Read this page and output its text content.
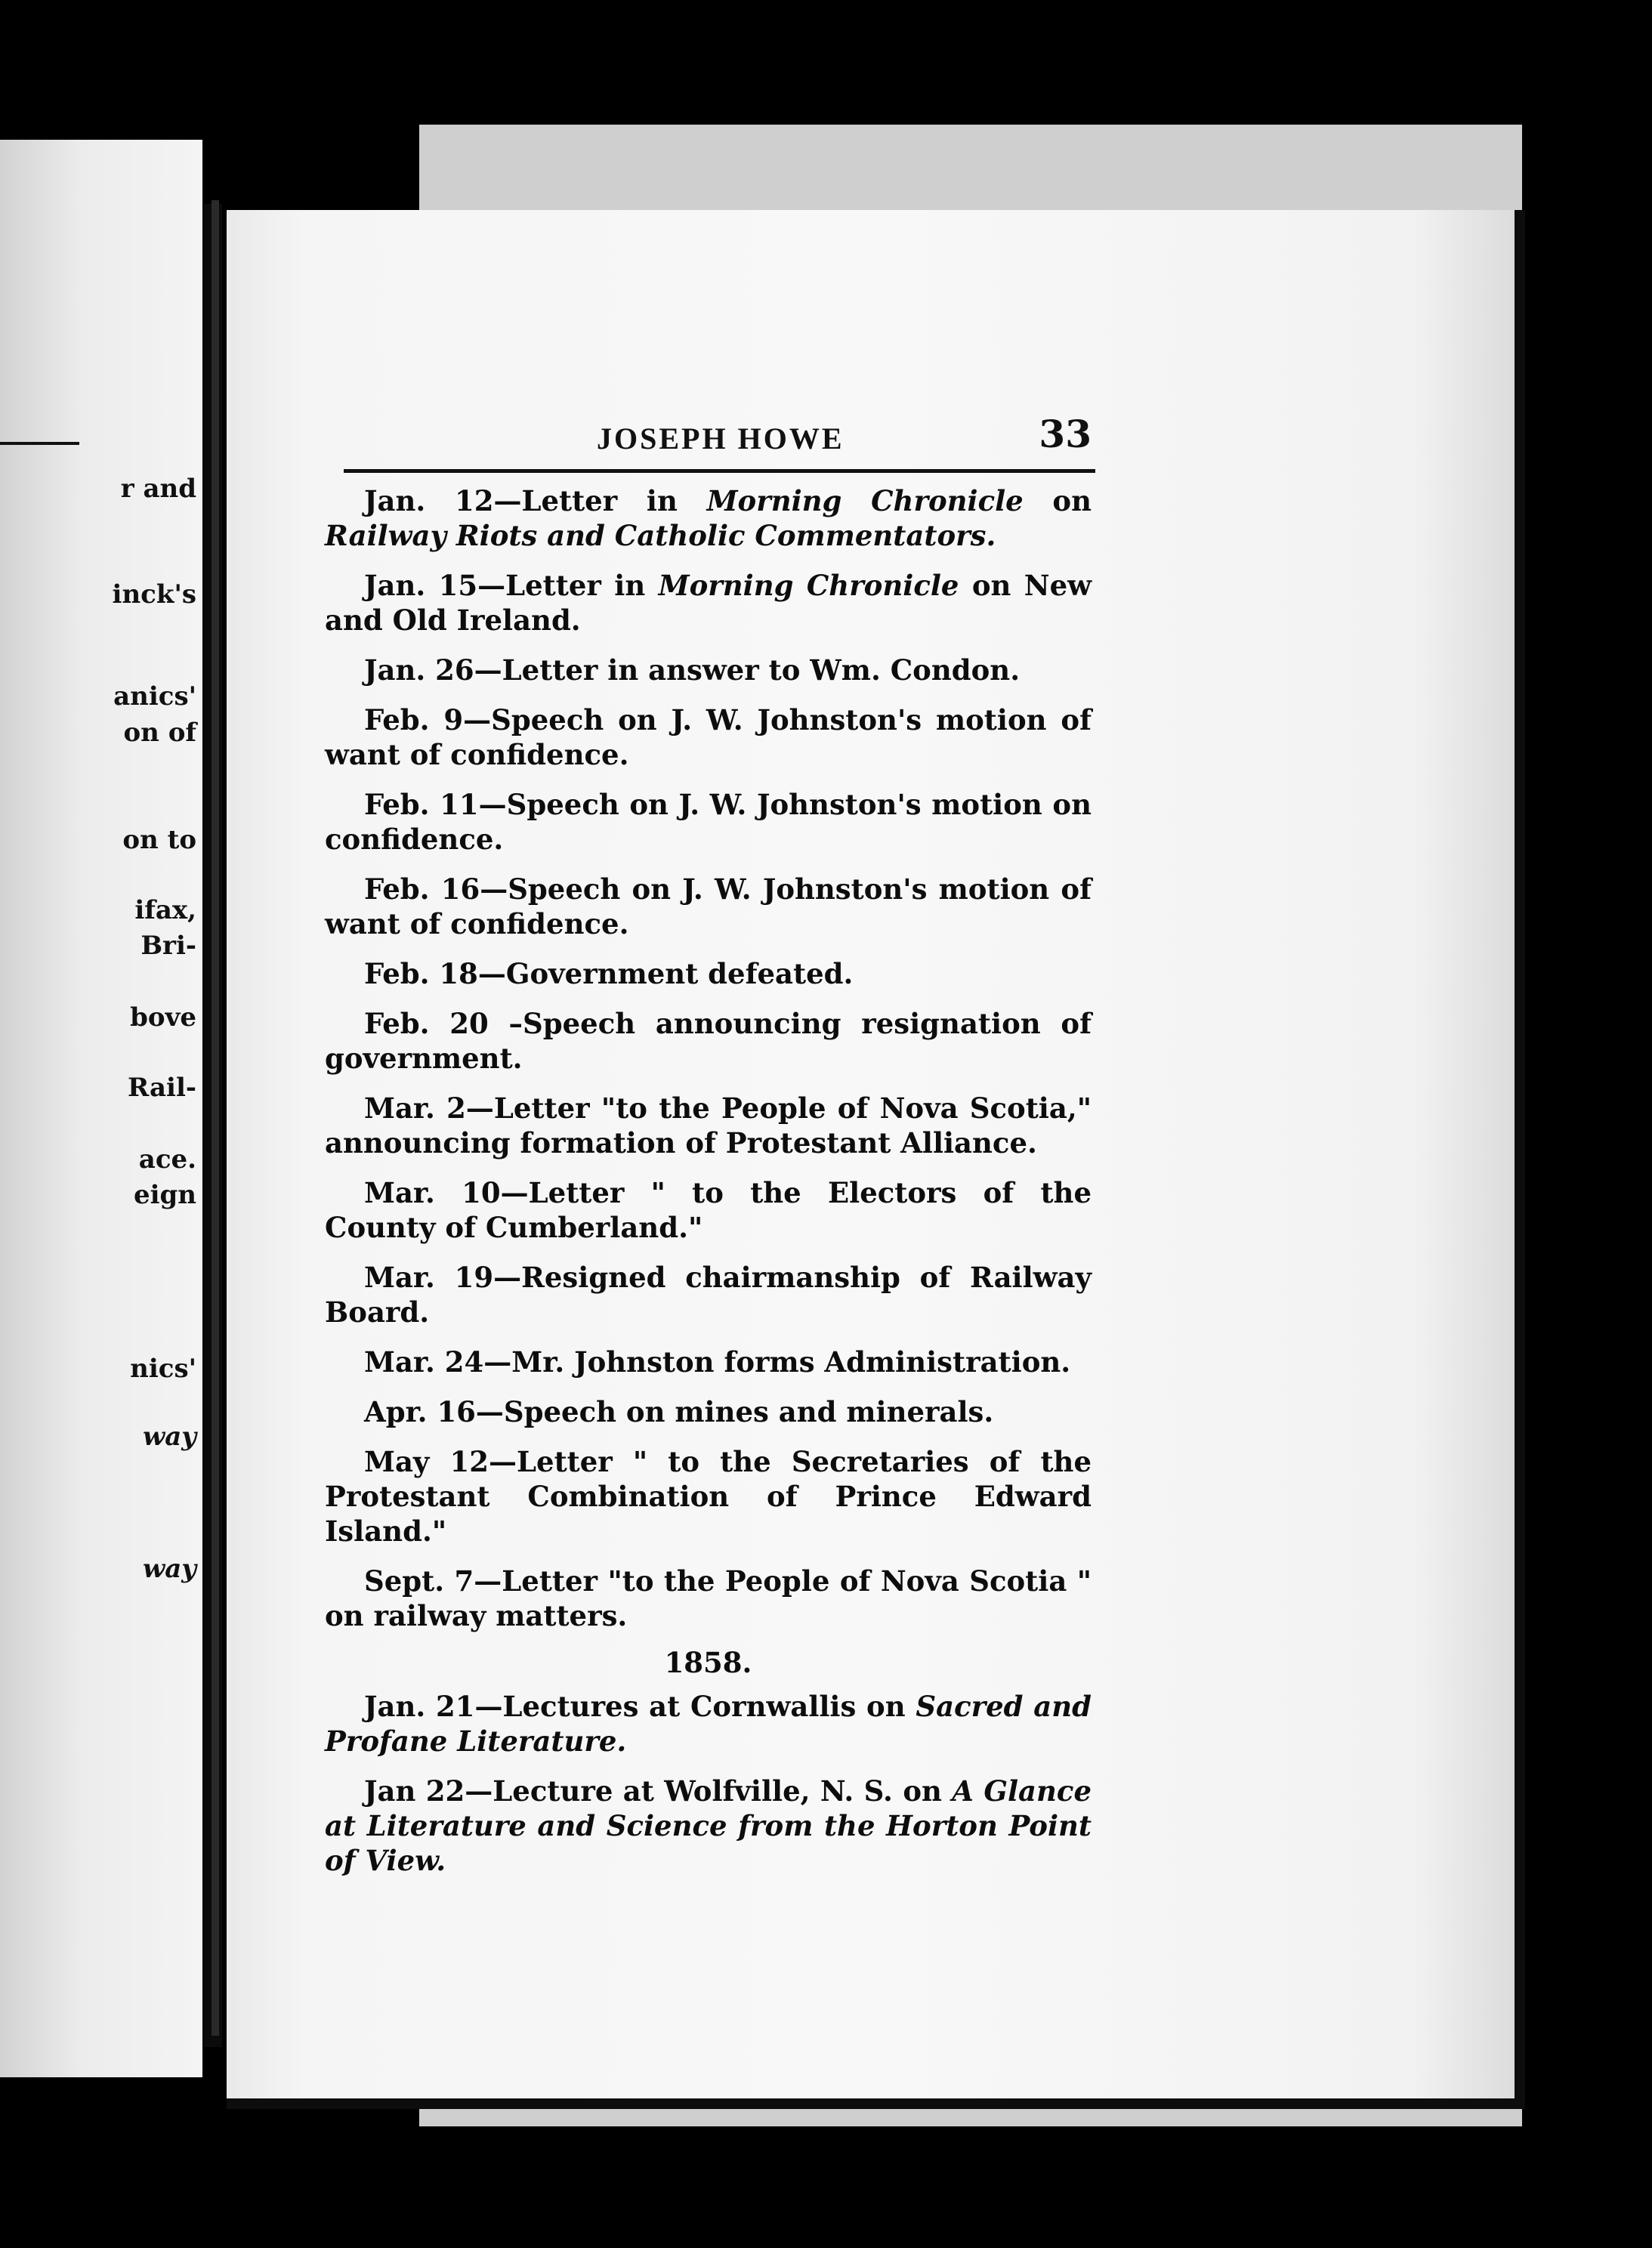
r and
inck's
anics'
on of
on to
ifax,
Bri-
bove
Rail-
ace.
eign
nics'
way
way
JOSEPH HOWE	33

Jan. 12—Letter in Morning Chronicle on Railway Riots and Catholic Commentators.

Jan. 15—Letter in Morning Chronicle on New and Old Ireland.

Jan. 26—Letter in answer to Wm. Condon.

Feb. 9—Speech on J. W. Johnston's motion of want of confidence.

Feb. 11—Speech on J. W. Johnston's motion on confidence.

Feb. 16—Speech on J. W. Johnston's motion of want of confidence.

Feb. 18—Government defeated.

Feb. 20 –Speech announcing resignation of government.

Mar. 2—Letter "to the People of Nova Scotia," announcing formation of Protestant Alliance.

Mar. 10—Letter " to the Electors of the County of Cumberland."

Mar. 19—Resigned chairmanship of Railway Board.

Mar. 24—Mr. Johnston forms Administration.

Apr. 16—Speech on mines and minerals.

May 12—Letter " to the Secretaries of the Protestant Combination of Prince Edward Island."

Sept. 7—Letter "to the People of Nova Scotia " on railway matters.

1858.

Jan. 21—Lectures at Cornwallis on Sacred and Profane Literature.

Jan 22—Lecture at Wolfville, N. S. on A Glance at Literature and Science from the Horton Point of View.
